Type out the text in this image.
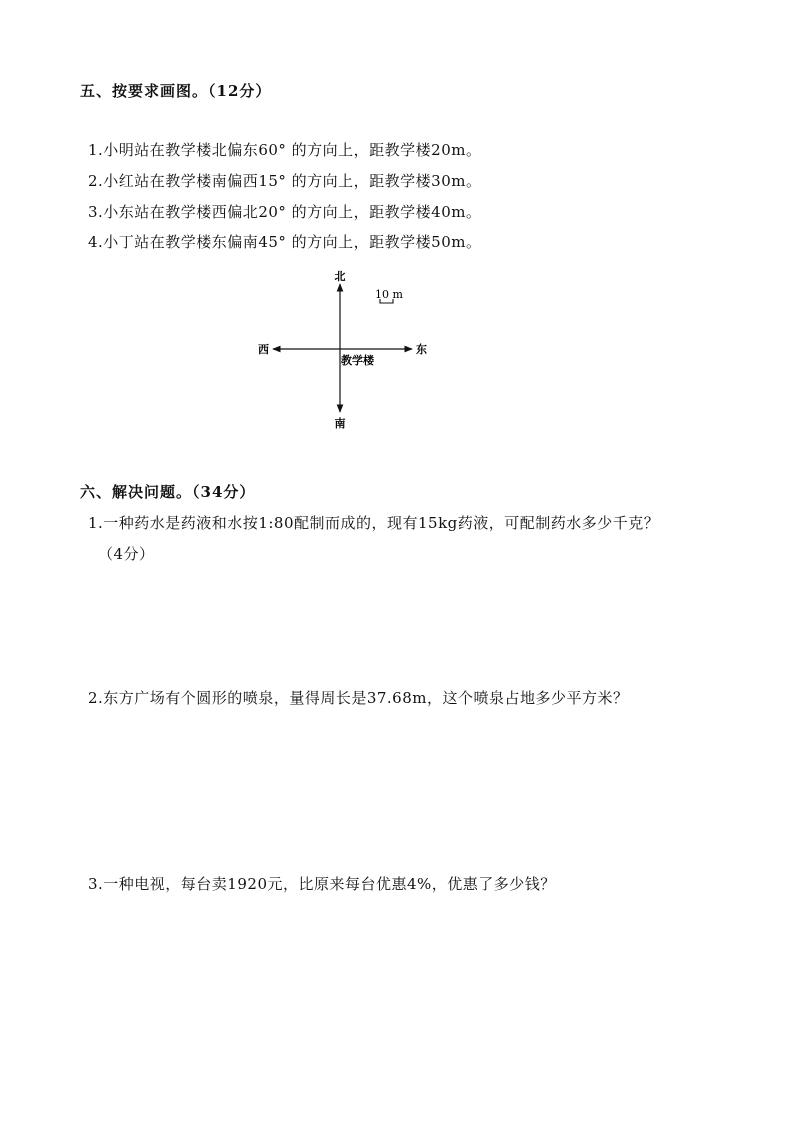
五、按要求画图。（12分）
1.小明站在教学楼北偏东60° 的方向上，距教学楼20m。
2.小红站在教学楼南偏西15° 的方向上，距教学楼30m。
3.小东站在教学楼西偏北20° 的方向上，距教学楼40m。
4.小丁站在教学楼东偏南45° 的方向上，距教学楼50m。
北
南
东
西
教学楼
10 m
六、解决问题。（34分）
1.一种药水是药液和水按1:80配制而成的，现有15kg药液，可配制药水多少千克？
（4分）
2.东方广场有个圆形的喷泉，量得周长是37.68m，这个喷泉占地多少平方米？
3.一种电视，每台卖1920元，比原来每台优惠4%，优惠了多少钱？
